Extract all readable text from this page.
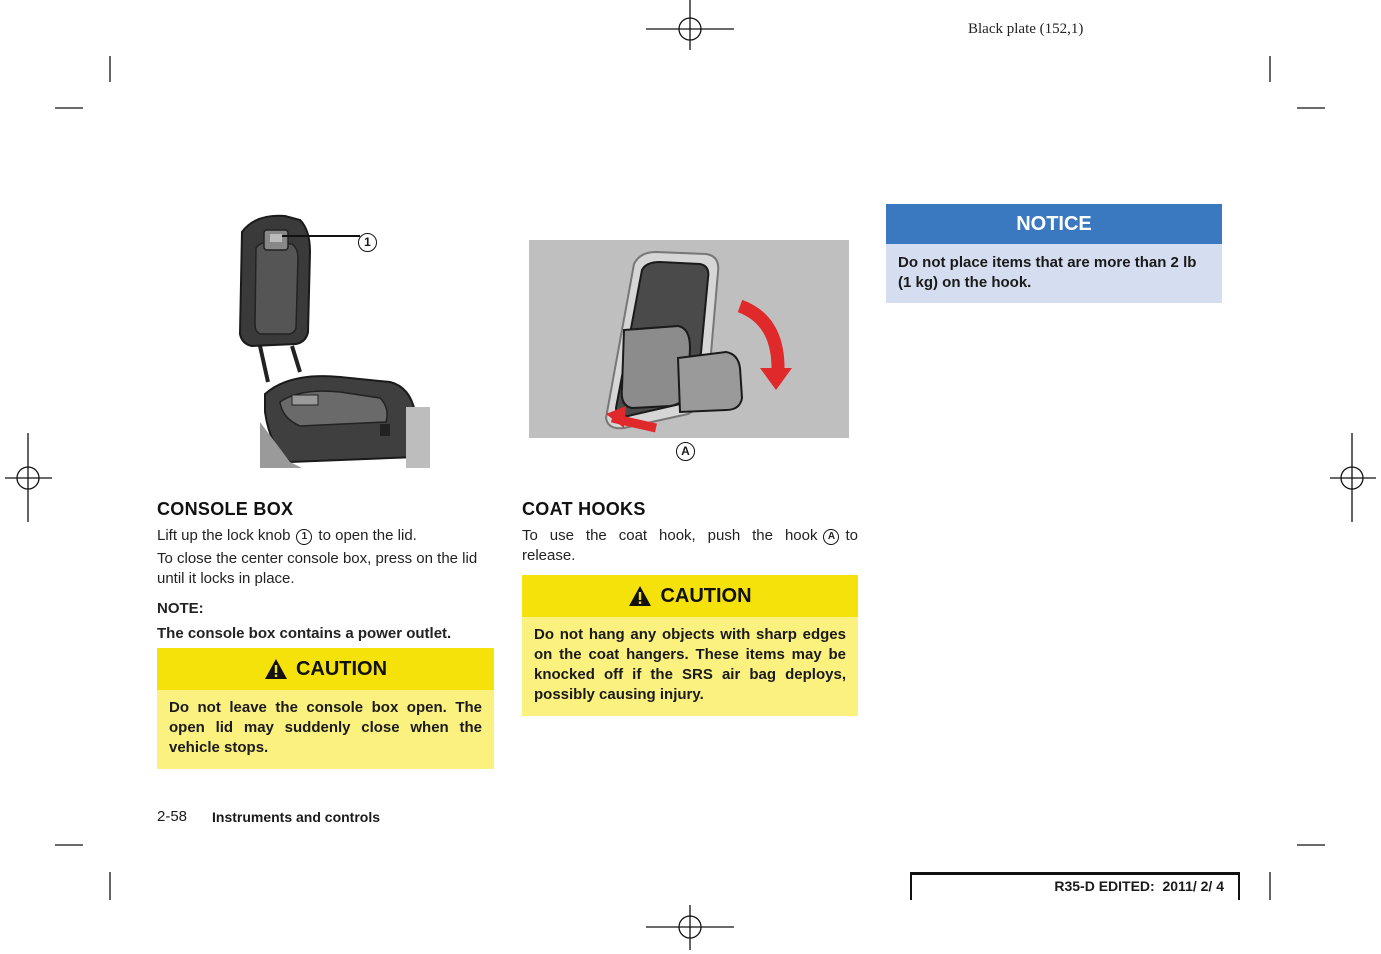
Black plate (152,1)
1
CONSOLE BOX
Lift up the lock knob 1 to open the lid.
To close the center console box, press on the lid until it locks in place.
NOTE:
The console box contains a power outlet.
CAUTION
Do not leave the console box open. The open lid may suddenly close when the vehicle stops.
A
COAT HOOKS
To use the coat hook, push the hook A to release.
CAUTION
Do not hang any objects with sharp edges on the coat hangers. These items may be knocked off if the SRS air bag deploys, possibly causing injury.
NOTICE
Do not place items that are more than 2 lb (1 kg) on the hook.
2-58 Instruments and controls
R35-D EDITED:  2011/ 2/ 4
